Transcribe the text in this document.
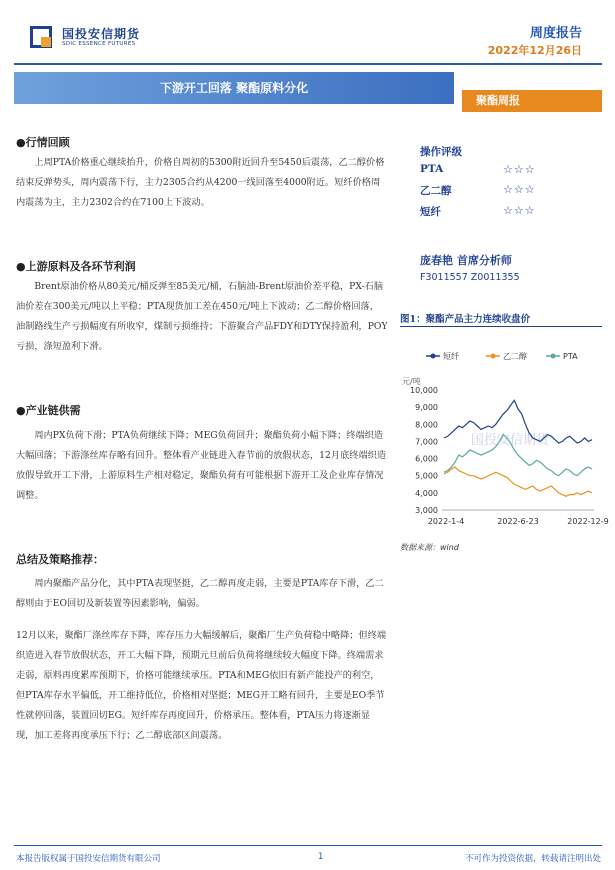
国投安信期货
SDIC ESSENCE FUTURES
周度报告
2022年12月26日
下游开工回落 聚酯原料分化
聚酯周报
●行情回顾
上周PTA价格重心继续抬升，价格自周初的5300附近回升至5450后震荡，乙二醇价格结束反弹势头，周内震荡下行，主力2305合约从4200一线回落至4000附近。短纤价格周内震荡为主，主力2302合约在7100上下波动。
●上游原料及各环节利润
Brent原油价格从80美元/桶反弹至85美元/桶，石脑油-Brent原油价差平稳，PX-石脑油价差在300美元/吨以上平稳；PTA现货加工差在450元/吨上下波动；乙二醇价格回落，油制路线生产亏损幅度有所收窄，煤制亏损维持；下游聚合产品FDY和DTY保持盈利，POY亏损，涤短盈利下滑。
●产业链供需
周内PX负荷下滑；PTA负荷继续下降；MEG负荷回升；聚酯负荷小幅下降；终端织造大幅回落；下游涤丝库存略有回升。整体看产业链进入春节前的放假状态，12月底终端织造放假导致开工下滑，上游原料生产相对稳定，聚酯负荷有可能根据下游开工及企业库存情况调整。
总结及策略推荐：
周内聚酯产品分化，其中PTA表现坚挺，乙二醇再度走弱，主要是PTA库存下滑，乙二醇则由于EO回切及新装置等因素影响，偏弱。
12月以来，聚酯厂涤丝库存下降，库存压力大幅缓解后，聚酯厂生产负荷稳中略降；但终端织造进入春节放假状态，开工大幅下降，预期元旦前后负荷将继续较大幅度下降。终端需求走弱，原料再度累库预期下，价格可能继续承压。PTA和MEG依旧有新产能投产的利空，但PTA库存水平偏低，开工维持低位，价格相对坚挺；MEG开工略有回升，主要是EO季节性就停回落，装置回切EG。短纤库存再度回升，价格承压。整体看，PTA压力将逐渐显现，加工差将再度承压下行；乙二醇底部区间震荡。
操作评级
PTA	☆☆☆
乙二醇	☆☆☆
短纤	☆☆☆
庞春艳 首席分析师
F3011557 Z0011355
图1：聚酯产品主力连续收盘价
短纤	乙二醇	PTA
元/吨
国投安信期货
3,000
4,000
5,000
6,000
7,000
8,000
9,000
10,000
2022-1-4	2022-6-23	2022-12-9
数据来源：wind
本报告版权属于国投安信期货有限公司	1	不可作为投资依据，转载请注明出处
